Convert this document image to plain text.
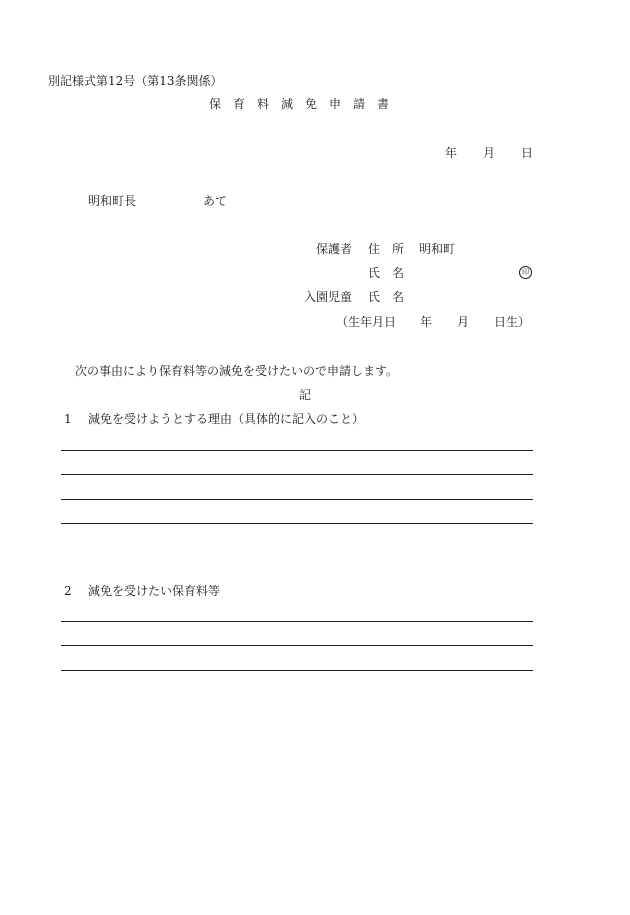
別記様式第12号（第13条関係）
保　育　料　減　免　申　請　書
年 月 日
明和町長	あて
保護者 住　所 明和町
氏　名	印
入園児童 氏　名
（生年月日 年 月 日生）
次の事由により保育料等の減免を受けたいので申請します。
記
1 減免を受けようとする理由（具体的に記入のこと）
2 減免を受けたい保育料等
